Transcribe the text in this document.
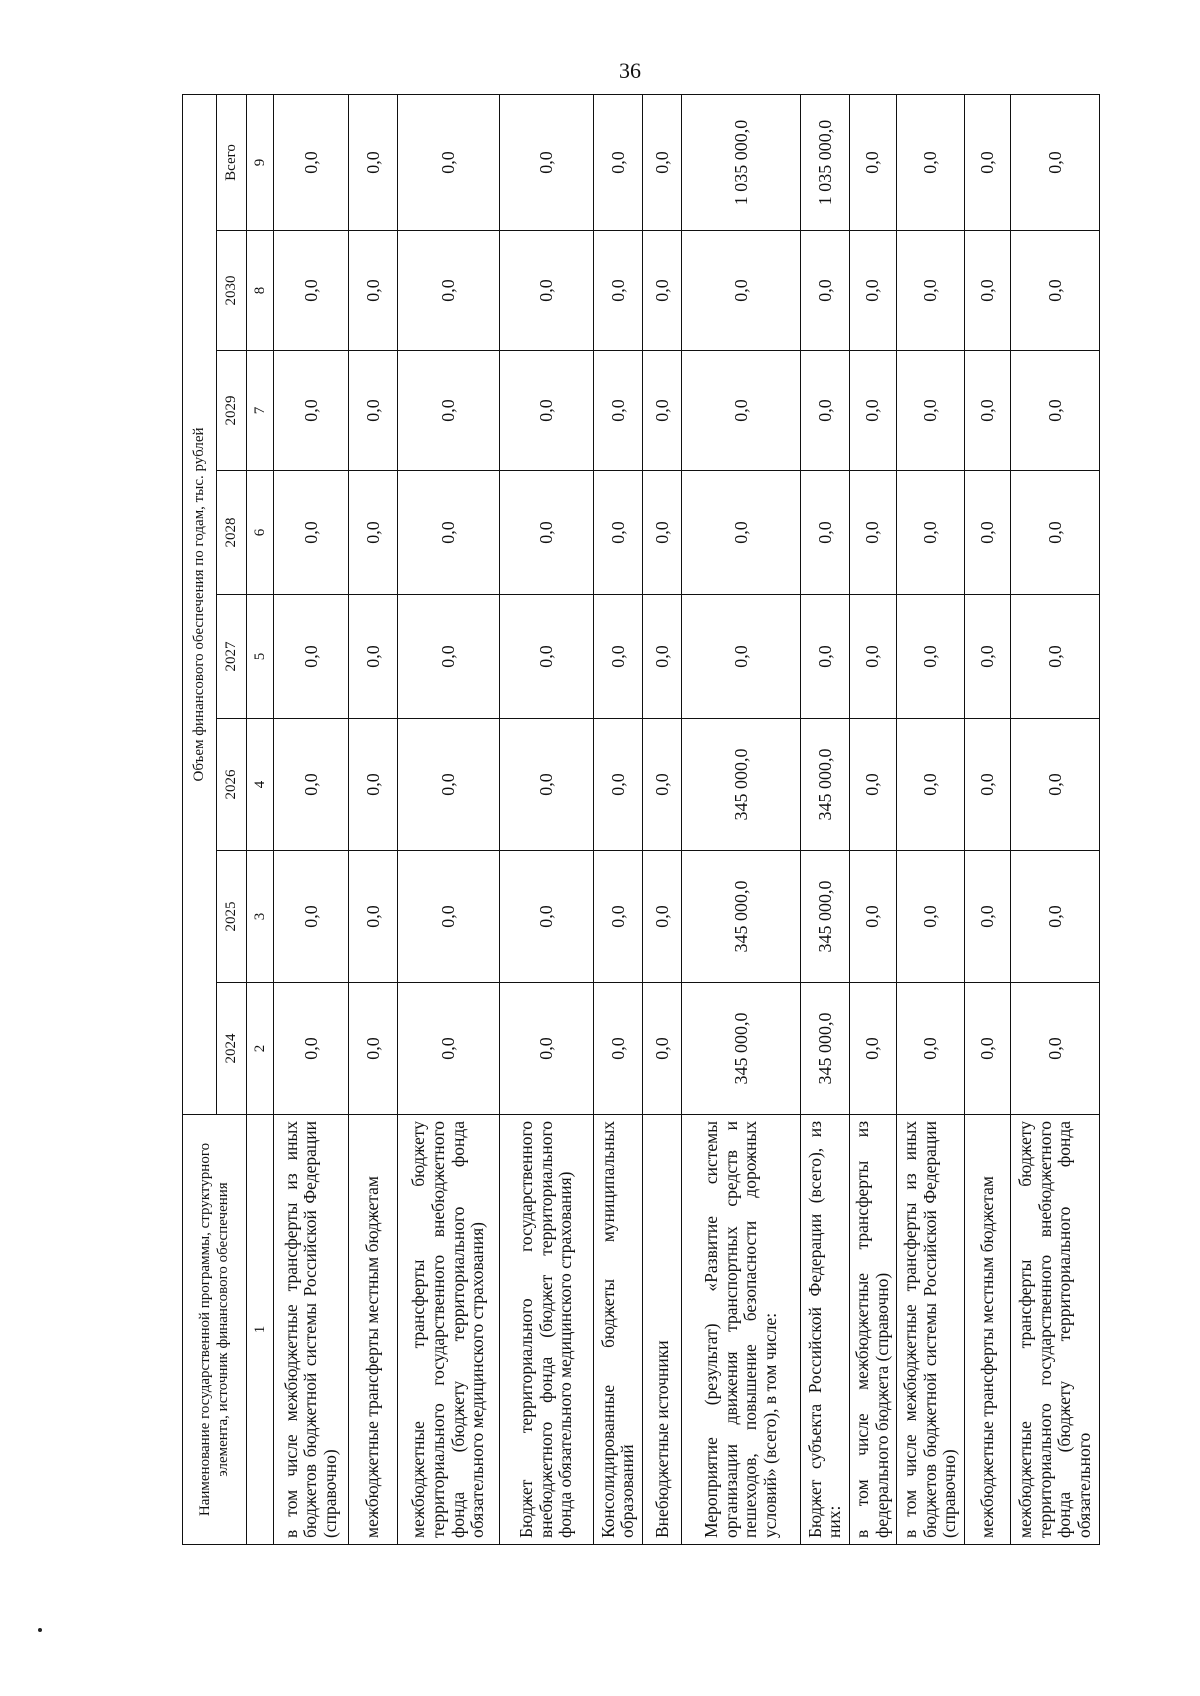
36
Наименование государственной программы, структурного элемента, источник финансового обеспечения	Объем финансового обеспечения по годам, тыс. рублей							
	2024	2025	2026	2027	2028	2029	2030	Всего
1	2	3	4	5	6	7	8	9
в том числе межбюджетные трансферты из иных бюджетов бюджетной системы Российской Федерации (справочно)	0,0	0,0	0,0	0,0	0,0	0,0	0,0	0,0
межбюджетные трансферты местным бюджетам	0,0	0,0	0,0	0,0	0,0	0,0	0,0	0,0
межбюджетные трансферты бюджету территориального государственного внебюджетного фонда (бюджету территориального фонда обязательного медицинского страхования)	0,0	0,0	0,0	0,0	0,0	0,0	0,0	0,0
Бюджет территориального государственного внебюджетного фонда (бюджет территориального фонда обязательного медицинского страхования)	0,0	0,0	0,0	0,0	0,0	0,0	0,0	0,0
Консолидированные бюджеты муниципальных образований	0,0	0,0	0,0	0,0	0,0	0,0	0,0	0,0
Внебюджетные источники	0,0	0,0	0,0	0,0	0,0	0,0	0,0	0,0
Мероприятие (результат) «Развитие системы организации движения транспортных средств и пешеходов, повышение безопасности дорожных условий» (всего), в том числе:	345 000,0	345 000,0	345 000,0	0,0	0,0	0,0	0,0	1 035 000,0
Бюджет субъекта Российской Федерации (всего), из них:	345 000,0	345 000,0	345 000,0	0,0	0,0	0,0	0,0	1 035 000,0
в том числе межбюджетные трансферты из федерального бюджета (справочно)	0,0	0,0	0,0	0,0	0,0	0,0	0,0	0,0
в том числе межбюджетные трансферты из иных бюджетов бюджетной системы Российской Федерации (справочно)	0,0	0,0	0,0	0,0	0,0	0,0	0,0	0,0
межбюджетные трансферты местным бюджетам	0,0	0,0	0,0	0,0	0,0	0,0	0,0	0,0
межбюджетные трансферты бюджету территориального государственного внебюджетного фонда (бюджету территориального фонда обязательного	0,0	0,0	0,0	0,0	0,0	0,0	0,0	0,0
